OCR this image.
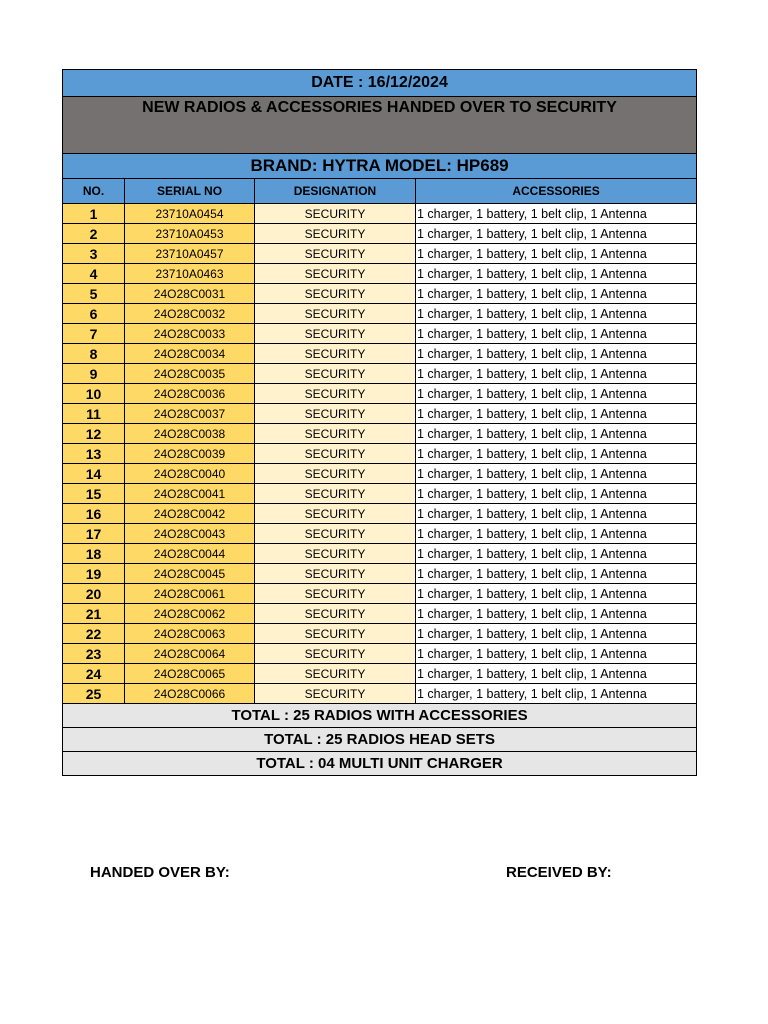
DATE : 16/12/2024			
NEW RADIOS & ACCESSORIES HANDED OVER TO SECURITY			
BRAND: HYTRA MODEL: HP689			
NO.	SERIAL NO	DESIGNATION	ACCESSORIES
1	23710A0454	SECURITY	1 charger, 1 battery, 1 belt clip, 1 Antenna
2	23710A0453	SECURITY	1 charger, 1 battery, 1 belt clip, 1 Antenna
3	23710A0457	SECURITY	1 charger, 1 battery, 1 belt clip, 1 Antenna
4	23710A0463	SECURITY	1 charger, 1 battery, 1 belt clip, 1 Antenna
5	24O28C0031	SECURITY	1 charger, 1 battery, 1 belt clip, 1 Antenna
6	24O28C0032	SECURITY	1 charger, 1 battery, 1 belt clip, 1 Antenna
7	24O28C0033	SECURITY	1 charger, 1 battery, 1 belt clip, 1 Antenna
8	24O28C0034	SECURITY	1 charger, 1 battery, 1 belt clip, 1 Antenna
9	24O28C0035	SECURITY	1 charger, 1 battery, 1 belt clip, 1 Antenna
10	24O28C0036	SECURITY	1 charger, 1 battery, 1 belt clip, 1 Antenna
11	24O28C0037	SECURITY	1 charger, 1 battery, 1 belt clip, 1 Antenna
12	24O28C0038	SECURITY	1 charger, 1 battery, 1 belt clip, 1 Antenna
13	24O28C0039	SECURITY	1 charger, 1 battery, 1 belt clip, 1 Antenna
14	24O28C0040	SECURITY	1 charger, 1 battery, 1 belt clip, 1 Antenna
15	24O28C0041	SECURITY	1 charger, 1 battery, 1 belt clip, 1 Antenna
16	24O28C0042	SECURITY	1 charger, 1 battery, 1 belt clip, 1 Antenna
17	24O28C0043	SECURITY	1 charger, 1 battery, 1 belt clip, 1 Antenna
18	24O28C0044	SECURITY	1 charger, 1 battery, 1 belt clip, 1 Antenna
19	24O28C0045	SECURITY	1 charger, 1 battery, 1 belt clip, 1 Antenna
20	24O28C0061	SECURITY	1 charger, 1 battery, 1 belt clip, 1 Antenna
21	24O28C0062	SECURITY	1 charger, 1 battery, 1 belt clip, 1 Antenna
22	24O28C0063	SECURITY	1 charger, 1 battery, 1 belt clip, 1 Antenna
23	24O28C0064	SECURITY	1 charger, 1 battery, 1 belt clip, 1 Antenna
24	24O28C0065	SECURITY	1 charger, 1 battery, 1 belt clip, 1 Antenna
25	24O28C0066	SECURITY	1 charger, 1 battery, 1 belt clip, 1 Antenna
TOTAL : 25 RADIOS WITH ACCESSORIES			
TOTAL : 25 RADIOS HEAD SETS			
TOTAL : 04 MULTI UNIT CHARGER			
HANDED OVER BY:	RECEIVED BY:
